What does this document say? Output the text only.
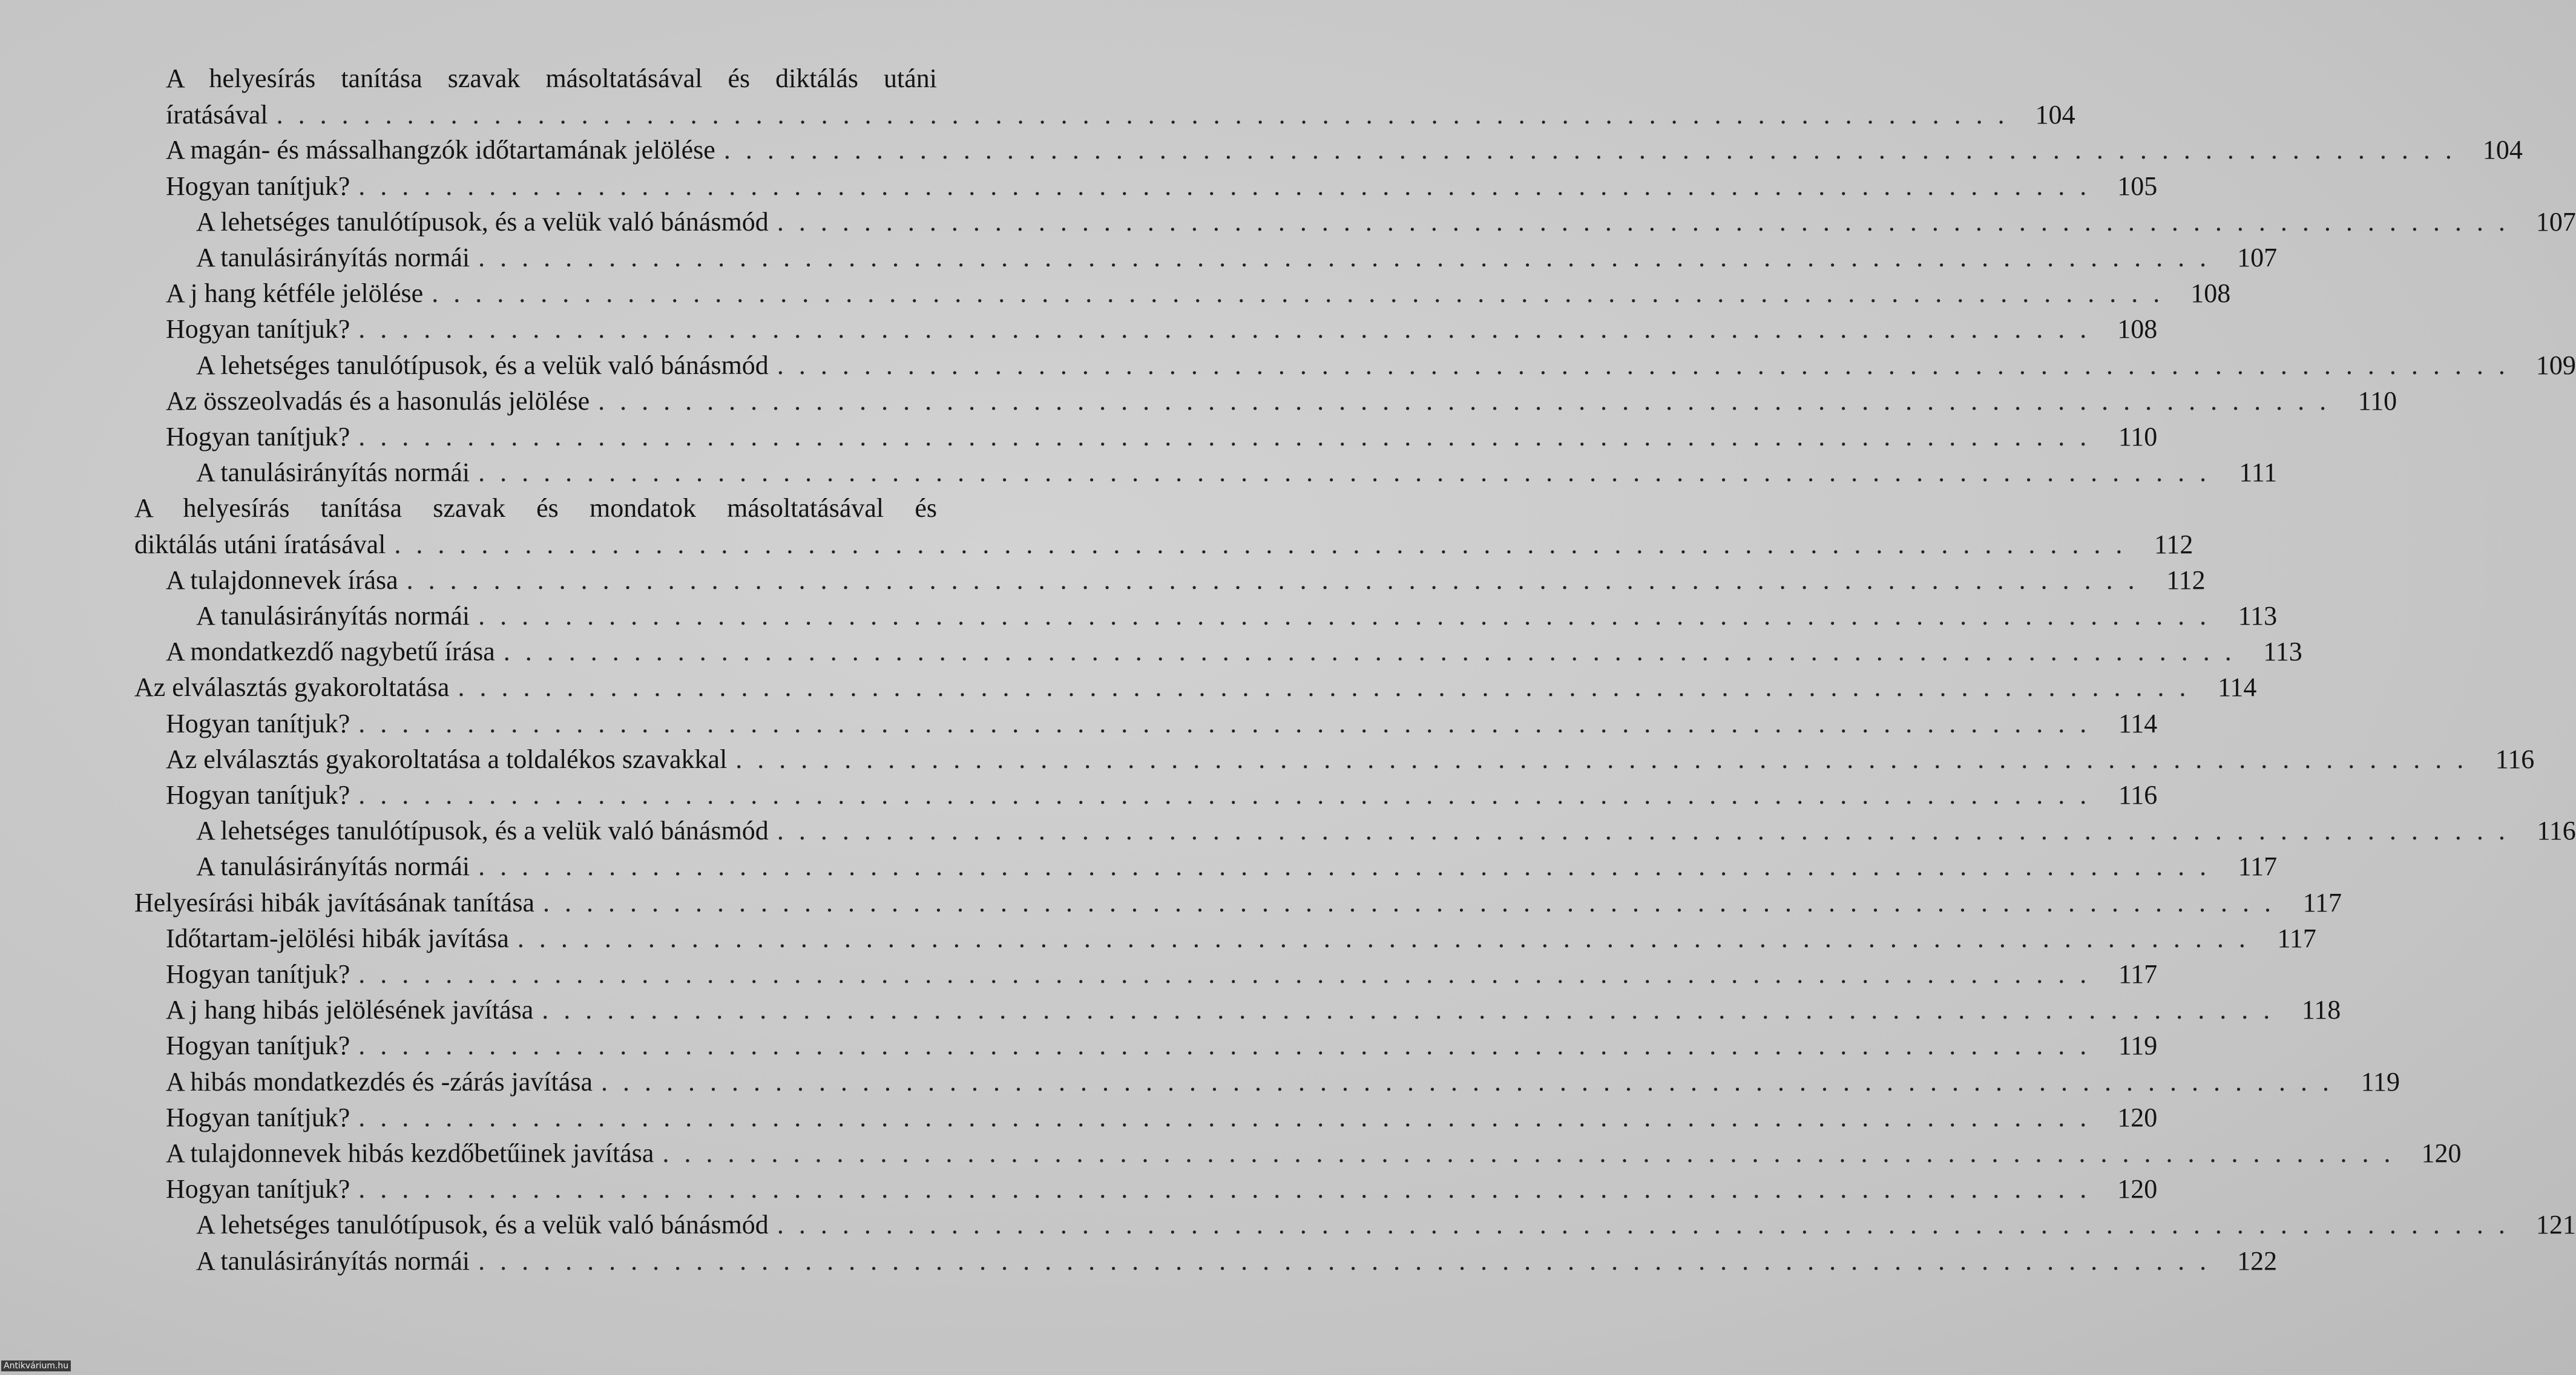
A helyesírás tanítása szavak másoltatásával és diktálás utáni
íratásával . . . . . . . . . . . . . . . . . . . . . . . . . . . . . . . . . . . . . . . . . . . . . . . . . . . . . . . . . . . . . . . . . . . . . . . . . . . . . . . .	104
A magán- és mássalhangzók időtartamának jelölése . . . . . . . . . . . . . . . . . . . . . . . . . . . . . . . . . . . . . . . . . . . . . . . . . . . . . . . . . . . . . . . . . . . . . . . . . . . . . . . .	104
Hogyan tanítjuk? . . . . . . . . . . . . . . . . . . . . . . . . . . . . . . . . . . . . . . . . . . . . . . . . . . . . . . . . . . . . . . . . . . . . . . . . . . . . . . . .	105
A lehetséges tanulótípusok, és a velük való bánásmód . . . . . . . . . . . . . . . . . . . . . . . . . . . . . . . . . . . . . . . . . . . . . . . . . . . . . . . . . . . . . . . . . . . . . . . . . . . . . . . .	107
A tanulásirányítás normái . . . . . . . . . . . . . . . . . . . . . . . . . . . . . . . . . . . . . . . . . . . . . . . . . . . . . . . . . . . . . . . . . . . . . . . . . . . . . . . .	107
A j hang kétféle jelölése . . . . . . . . . . . . . . . . . . . . . . . . . . . . . . . . . . . . . . . . . . . . . . . . . . . . . . . . . . . . . . . . . . . . . . . . . . . . . . . .	108
Hogyan tanítjuk? . . . . . . . . . . . . . . . . . . . . . . . . . . . . . . . . . . . . . . . . . . . . . . . . . . . . . . . . . . . . . . . . . . . . . . . . . . . . . . . .	108
A lehetséges tanulótípusok, és a velük való bánásmód . . . . . . . . . . . . . . . . . . . . . . . . . . . . . . . . . . . . . . . . . . . . . . . . . . . . . . . . . . . . . . . . . . . . . . . . . . . . . . . .	109
Az összeolvadás és a hasonulás jelölése . . . . . . . . . . . . . . . . . . . . . . . . . . . . . . . . . . . . . . . . . . . . . . . . . . . . . . . . . . . . . . . . . . . . . . . . . . . . . . . .	110
Hogyan tanítjuk? . . . . . . . . . . . . . . . . . . . . . . . . . . . . . . . . . . . . . . . . . . . . . . . . . . . . . . . . . . . . . . . . . . . . . . . . . . . . . . . .	110
A tanulásirányítás normái . . . . . . . . . . . . . . . . . . . . . . . . . . . . . . . . . . . . . . . . . . . . . . . . . . . . . . . . . . . . . . . . . . . . . . . . . . . . . . . .	111
A helyesírás tanítása szavak és mondatok másoltatásával és
diktálás utáni íratásával . . . . . . . . . . . . . . . . . . . . . . . . . . . . . . . . . . . . . . . . . . . . . . . . . . . . . . . . . . . . . . . . . . . . . . . . . . . . . . . .	112
A tulajdonnevek írása . . . . . . . . . . . . . . . . . . . . . . . . . . . . . . . . . . . . . . . . . . . . . . . . . . . . . . . . . . . . . . . . . . . . . . . . . . . . . . . .	112
A tanulásirányítás normái . . . . . . . . . . . . . . . . . . . . . . . . . . . . . . . . . . . . . . . . . . . . . . . . . . . . . . . . . . . . . . . . . . . . . . . . . . . . . . . .	113
A mondatkezdő nagybetű írása . . . . . . . . . . . . . . . . . . . . . . . . . . . . . . . . . . . . . . . . . . . . . . . . . . . . . . . . . . . . . . . . . . . . . . . . . . . . . . . .	113
Az elválasztás gyakoroltatása . . . . . . . . . . . . . . . . . . . . . . . . . . . . . . . . . . . . . . . . . . . . . . . . . . . . . . . . . . . . . . . . . . . . . . . . . . . . . . . .	114
Hogyan tanítjuk? . . . . . . . . . . . . . . . . . . . . . . . . . . . . . . . . . . . . . . . . . . . . . . . . . . . . . . . . . . . . . . . . . . . . . . . . . . . . . . . .	114
Az elválasztás gyakoroltatása a toldalékos szavakkal . . . . . . . . . . . . . . . . . . . . . . . . . . . . . . . . . . . . . . . . . . . . . . . . . . . . . . . . . . . . . . . . . . . . . . . . . . . . . . . .	116
Hogyan tanítjuk? . . . . . . . . . . . . . . . . . . . . . . . . . . . . . . . . . . . . . . . . . . . . . . . . . . . . . . . . . . . . . . . . . . . . . . . . . . . . . . . .	116
A lehetséges tanulótípusok, és a velük való bánásmód . . . . . . . . . . . . . . . . . . . . . . . . . . . . . . . . . . . . . . . . . . . . . . . . . . . . . . . . . . . . . . . . . . . . . . . . . . . . . . . .	116
A tanulásirányítás normái . . . . . . . . . . . . . . . . . . . . . . . . . . . . . . . . . . . . . . . . . . . . . . . . . . . . . . . . . . . . . . . . . . . . . . . . . . . . . . . .	117
Helyesírási hibák javításának tanítása . . . . . . . . . . . . . . . . . . . . . . . . . . . . . . . . . . . . . . . . . . . . . . . . . . . . . . . . . . . . . . . . . . . . . . . . . . . . . . . .	117
Időtartam-jelölési hibák javítása . . . . . . . . . . . . . . . . . . . . . . . . . . . . . . . . . . . . . . . . . . . . . . . . . . . . . . . . . . . . . . . . . . . . . . . . . . . . . . . .	117
Hogyan tanítjuk? . . . . . . . . . . . . . . . . . . . . . . . . . . . . . . . . . . . . . . . . . . . . . . . . . . . . . . . . . . . . . . . . . . . . . . . . . . . . . . . .	117
A j hang hibás jelölésének javítása . . . . . . . . . . . . . . . . . . . . . . . . . . . . . . . . . . . . . . . . . . . . . . . . . . . . . . . . . . . . . . . . . . . . . . . . . . . . . . . .	118
Hogyan tanítjuk? . . . . . . . . . . . . . . . . . . . . . . . . . . . . . . . . . . . . . . . . . . . . . . . . . . . . . . . . . . . . . . . . . . . . . . . . . . . . . . . .	119
A hibás mondatkezdés és -zárás javítása . . . . . . . . . . . . . . . . . . . . . . . . . . . . . . . . . . . . . . . . . . . . . . . . . . . . . . . . . . . . . . . . . . . . . . . . . . . . . . . .	119
Hogyan tanítjuk? . . . . . . . . . . . . . . . . . . . . . . . . . . . . . . . . . . . . . . . . . . . . . . . . . . . . . . . . . . . . . . . . . . . . . . . . . . . . . . . .	120
A tulajdonnevek hibás kezdőbetűinek javítása . . . . . . . . . . . . . . . . . . . . . . . . . . . . . . . . . . . . . . . . . . . . . . . . . . . . . . . . . . . . . . . . . . . . . . . . . . . . . . . .	120
Hogyan tanítjuk? . . . . . . . . . . . . . . . . . . . . . . . . . . . . . . . . . . . . . . . . . . . . . . . . . . . . . . . . . . . . . . . . . . . . . . . . . . . . . . . .	120
A lehetséges tanulótípusok, és a velük való bánásmód . . . . . . . . . . . . . . . . . . . . . . . . . . . . . . . . . . . . . . . . . . . . . . . . . . . . . . . . . . . . . . . . . . . . . . . . . . . . . . . .	121
A tanulásirányítás normái . . . . . . . . . . . . . . . . . . . . . . . . . . . . . . . . . . . . . . . . . . . . . . . . . . . . . . . . . . . . . . . . . . . . . . . . . . . . . . . .	122
Antikvárium.hu
